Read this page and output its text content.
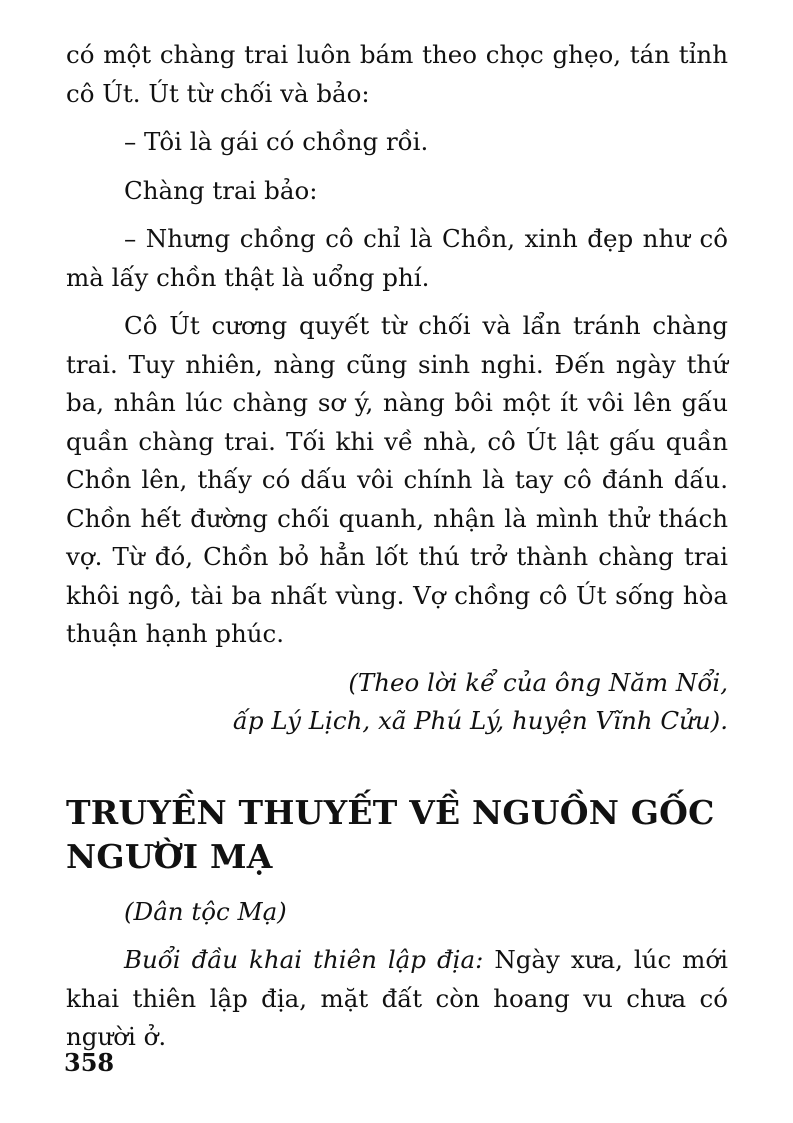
có một chàng trai luôn bám theo chọc ghẹo, tán tỉnh cô Út. Út từ chối và bảo:

– Tôi là gái có chồng rồi.

Chàng trai bảo:

– Nhưng chồng cô chỉ là Chồn, xinh đẹp như cô mà lấy chồn thật là uổng phí.

Cô Út cương quyết từ chối và lẩn tránh chàng trai. Tuy nhiên, nàng cũng sinh nghi. Đến ngày thứ ba, nhân lúc chàng sơ ý, nàng bôi một ít vôi lên gấu quần chàng trai. Tối khi về nhà, cô Út lật gấu quần Chồn lên, thấy có dấu vôi chính là tay cô đánh dấu. Chồn hết đường chối quanh, nhận là mình thử thách vợ. Từ đó, Chồn bỏ hẳn lốt thú trở thành chàng trai khôi ngô, tài ba nhất vùng. Vợ chồng cô Út sống hòa thuận hạnh phúc.

(Theo lời kể của ông Năm Nổi,
ấp Lý Lịch, xã Phú Lý, huyện Vĩnh Cửu).

TRUYỀN THUYẾT VỀ NGUỒN GỐC
NGƯỜI MẠ

(Dân tộc Mạ)

Buổi đầu khai thiên lập địa: Ngày xưa, lúc mới khai thiên lập địa, mặt đất còn hoang vu chưa có người ở.

358
